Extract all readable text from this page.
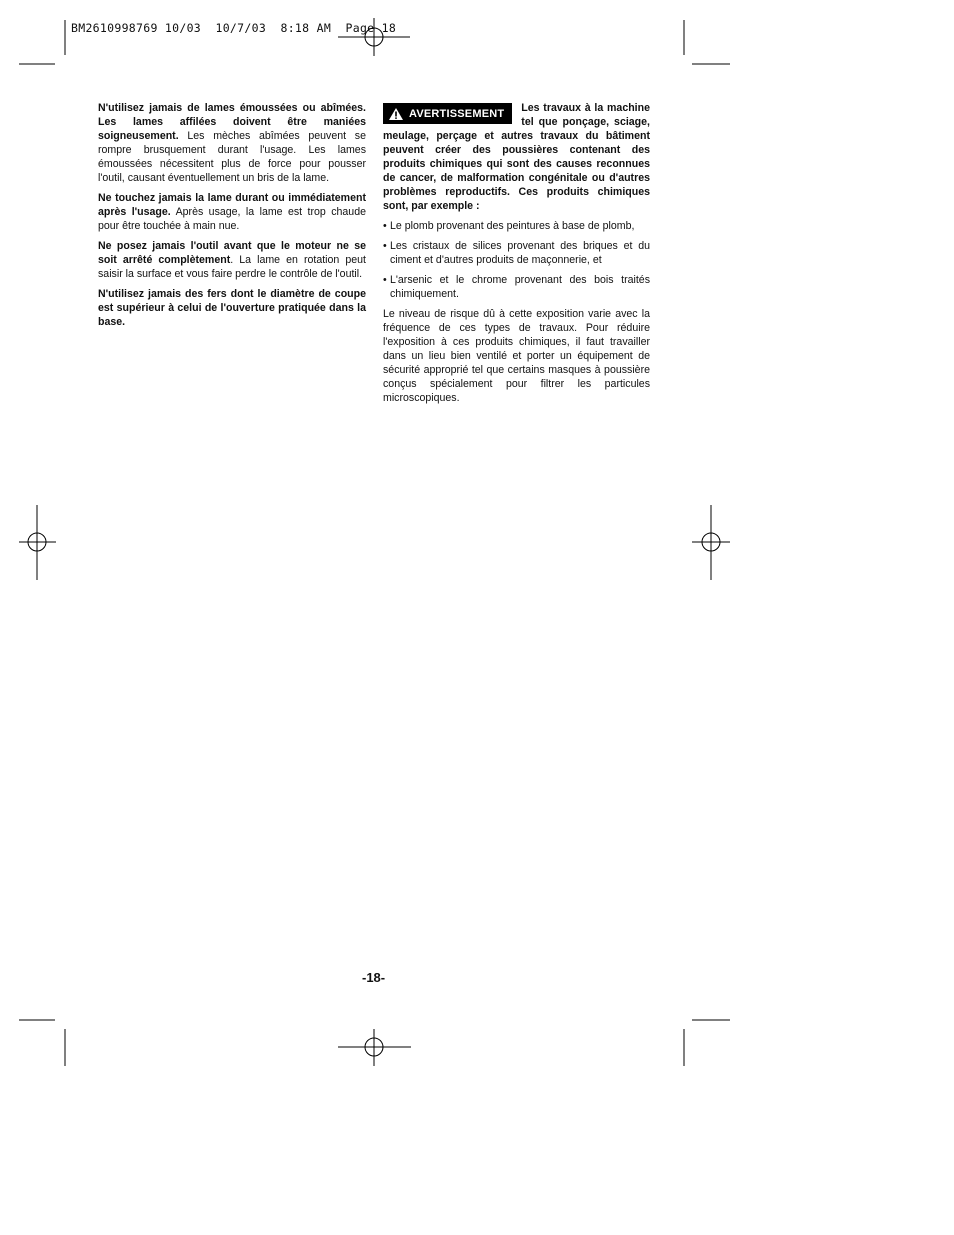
BM2610998769 10/03  10/7/03  8:18 AM  Page 18

N'utilisez jamais de lames émoussées ou abîmées. Les lames affilées doivent être maniées soigneusement. Les mèches abîmées peuvent se rompre brusquement durant l'usage. Les lames émoussées nécessitent plus de force pour pousser l'outil, causant éventuellement un bris de la lame.

Ne touchez jamais la lame durant ou immédiatement après l'usage. Après usage, la lame est trop chaude pour être touchée à main nue.

Ne posez jamais l'outil avant que le moteur ne se soit arrêté complètement. La lame en rotation peut saisir la surface et vous faire perdre le contrôle de l'outil.

N'utilisez jamais des fers dont le diamètre de coupe est supérieur à celui de l'ouverture pratiquée dans la base.

AVERTISSEMENT Les travaux à la machine tel que ponçage, sciage, meulage, perçage et autres travaux du bâtiment peuvent créer des poussières contenant des produits chimiques qui sont des causes reconnues de cancer, de malformation congénitale ou d'autres problèmes reproductifs. Ces produits chimiques sont, par exemple :

• Le plomb provenant des peintures à base de plomb,
• Les cristaux de silices provenant des briques et du ciment et d'autres produits de maçonnerie, et
• L'arsenic et le chrome provenant des bois traités chimiquement.

Le niveau de risque dû à cette exposition varie avec la fréquence de ces types de travaux. Pour réduire l'exposition à ces produits chimiques, il faut travailler dans un lieu bien ventilé et porter un équipement de sécurité approprié tel que certains masques à poussière conçus spécialement pour filtrer les particules microscopiques.

-18-
